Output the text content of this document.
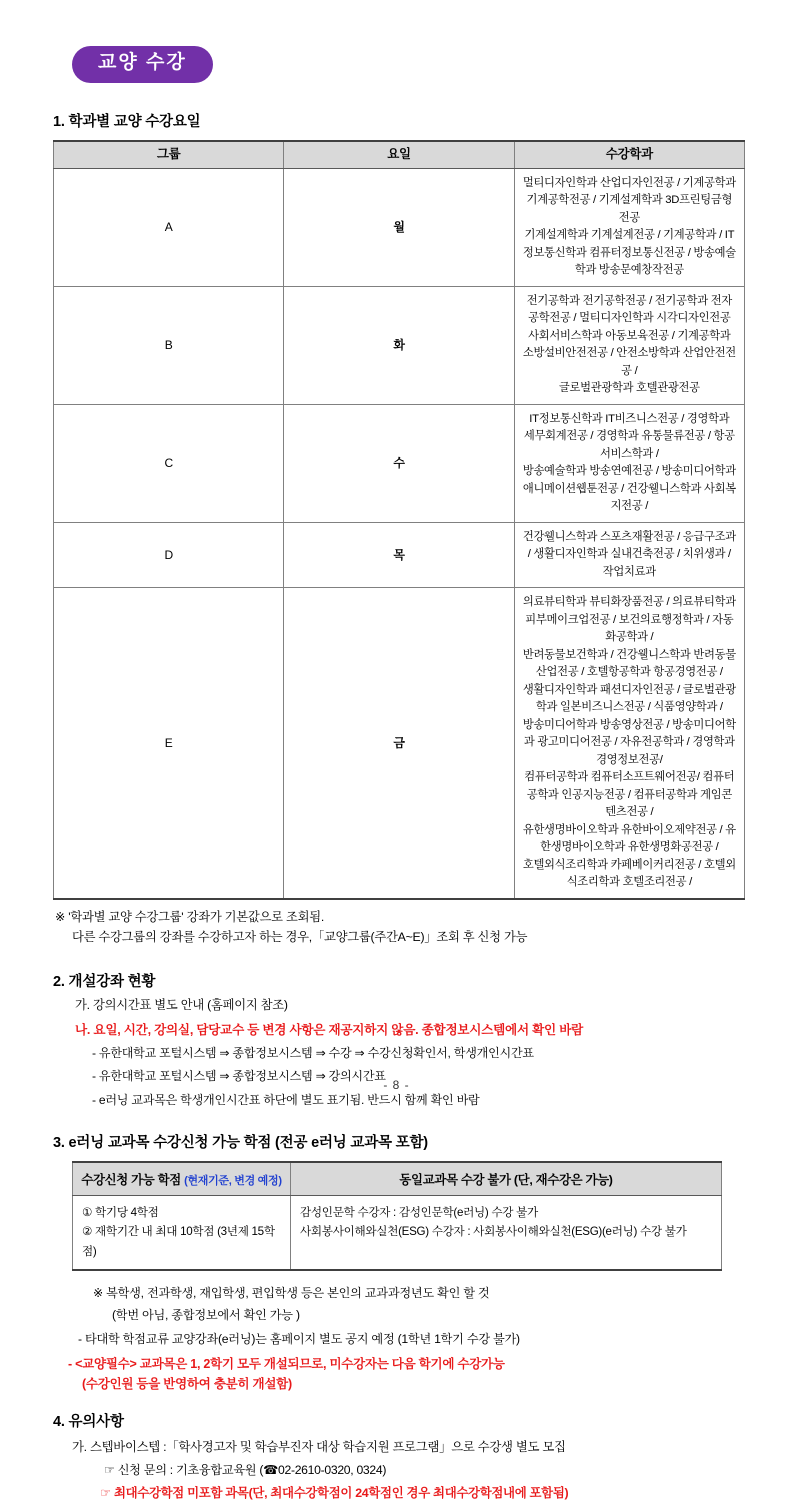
교양 수강
1. 학과별 교양 수강요일
그룹	요일	수강학과
A	월	멀티디자인학과 산업디자인전공 / 기계공학과 기계공학전공 / 기계설계학과 3D프린팅금형전공
기계설계학과 기계설계전공 / 기계공학과 / IT정보통신학과 컴퓨터정보통신전공 / 방송예술학과 방송문예창작전공

B	화	전기공학과 전기공학전공 / 전기공학과 전자공학전공 / 멀티디자인학과 시각디자인전공
사회서비스학과 아동보육전공 / 기계공학과 소방설비안전전공 / 안전소방학과 산업안전전공 /
글로벌관광학과 호텔관광전공

C	수	IT정보통신학과 IT비즈니스전공 / 경영학과 세무회계전공 / 경영학과 유통물류전공 / 항공서비스학과 /
방송예술학과 방송연예전공 / 방송미디어학과 애니메이션웹툰전공 / 건강웰니스학과 사회복지전공 /

D	목	건강웰니스학과 스포츠재활전공 / 응급구조과 / 생활디자인학과 실내건축전공 / 치위생과 / 작업치료과

E	금	
의료뷰티학과 뷰티화장품전공 / 의료뷰티학과 피부메이크업전공 / 보건의료행정학과 / 자동화공학과 /
반려동물보건학과 / 건강웰니스학과 반려동물산업전공 / 호텔항공학과 항공경영전공 /
생활디자인학과 패션디자인전공 / 글로벌관광학과 일본비즈니스전공 / 식품영양학과 /
방송미디어학과 방송영상전공 / 방송미디어학과 광고미디어전공 / 자유전공학과 / 경영학과 경영정보전공/
컴퓨터공학과 컴퓨터소프트웨어전공/ 컴퓨터공학과 인공지능전공 / 컴퓨터공학과 게임콘텐츠전공 /
유한생명바이오학과 유한바이오제약전공 / 유한생명바이오학과 유한생명화공전공 /
호텔외식조리학과 카페베이커리전공 / 호텔외식조리학과 호텔조리전공 /
※ '학과별 교양 수강그룹' 강좌가 기본값으로 조회됨.
다른 수강그룹의 강좌를 수강하고자 하는 경우,「교양그룹(주간A~E)」조회 후 신청 가능
2. 개설강좌 현황
가. 강의시간표 별도 안내 (홈페이지 참조)
나. 요일, 시간, 강의실, 담당교수 등 변경 사항은 재공지하지 않음. 종합정보시스템에서 확인 바람
- 유한대학교 포털시스템 ⇒ 종합정보시스템 ⇒ 수강 ⇒ 수강신청확인서, 학생개인시간표
- 유한대학교 포털시스템 ⇒ 종합정보시스템 ⇒ 강의시간표
- e러닝 교과목은 학생개인시간표 하단에 별도 표기됨. 반드시 함께 확인 바람
3. e러닝 교과목 수강신청 가능 학점 (전공 e러닝 교과목 포함)
수강신청 가능 학점 (현재기준, 변경 예정)	동일교과목 수강 불가 (단, 재수강은 가능)

① 학기당 4학점
② 재학기간 내 최대 10학점 (3년제 15학점)	감성인문학 수강자 : 감성인문학(e러닝) 수강 불가
사회봉사이해와실천(ESG) 수강자 : 사회봉사이해와실천(ESG)(e러닝) 수강 불가
※ 복학생, 전과학생, 재입학생, 편입학생 등은 본인의 교과과정년도 확인 할 것
(학번 아님, 종합정보에서 확인 가능 )
- 타대학 학점교류 교양강좌(e러닝)는 홈페이지 별도 공지 예정 (1학년 1학기 수강 불가)
- <교양필수> 교과목은 1, 2학기 모두 개설되므로, 미수강자는 다음 학기에 수강가능
(수강인원 등을 반영하여 충분히 개설함)
4. 유의사항
가. 스텝바이스텝 :「학사경고자 및 학습부진자 대상 학습지원 프로그램」으로 수강생 별도 모집
☞ 신청 문의 : 기초융합교육원 (☎02-2610-0320, 0324)
☞ 최대수강학점 미포함 과목(단, 최대수강학점이 24학점인 경우 최대수강학점내에 포함됨)
- 8 -
